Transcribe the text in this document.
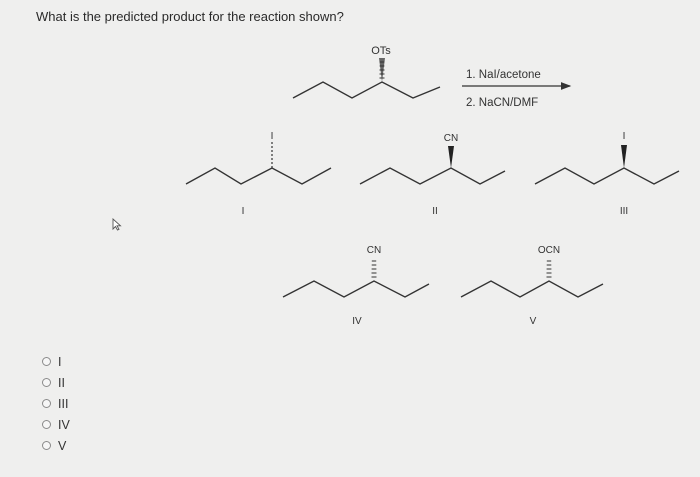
What is the predicted product for the reaction shown?
OTs
1. NaI/acetone
2. NaCN/DMF
I
I
CN
II
I
III
CN
IV
OCN
V
I
II
III
IV
V
